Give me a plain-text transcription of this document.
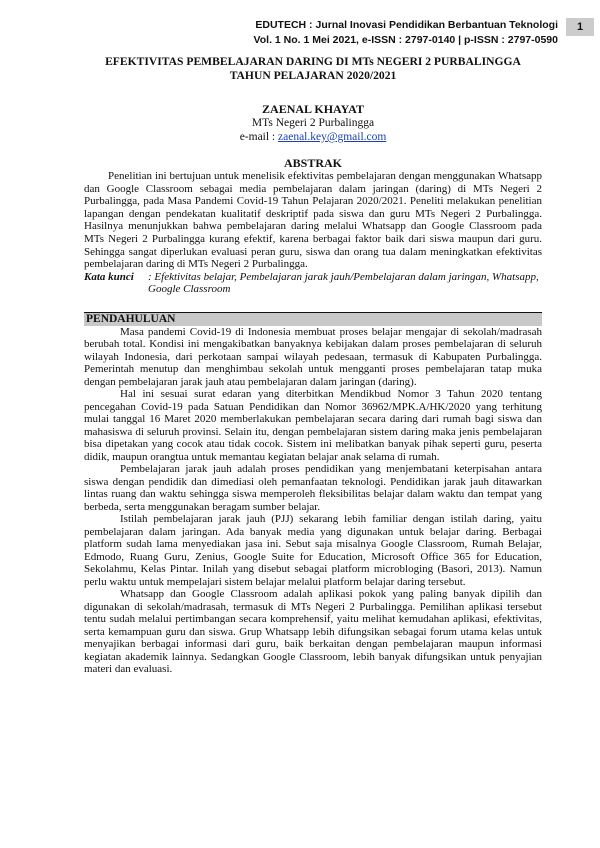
EDUTECH : Jurnal Inovasi Pendidikan Berbantuan Teknologi
Vol. 1 No. 1 Mei 2021, e-ISSN : 2797-0140 | p-ISSN : 2797-0590
1
EFEKTIVITAS PEMBELAJARAN DARING DI MTs NEGERI 2 PURBALINGGA
TAHUN PELAJARAN 2020/2021
ZAENAL KHAYAT
MTs Negeri 2 Purbalingga
e-mail : zaenal.key@gmail.com
ABSTRAK

Penelitian ini bertujuan untuk menelisik efektivitas pembelajaran dengan menggunakan Whatsapp dan Google Classroom sebagai media pembelajaran dalam jaringan (daring) di MTs Negeri 2 Purbalingga, pada Masa Pandemi Covid-19 Tahun Pelajaran 2020/2021. Peneliti melakukan penelitian lapangan dengan pendekatan kualitatif deskriptif pada siswa dan guru MTs Negeri 2 Purbalingga. Hasilnya menunjukkan bahwa pembelajaran daring melalui Whatsapp dan Google Classroom pada MTs Negeri 2 Purbalingga kurang efektif, karena berbagai faktor baik dari siswa maupun dari guru. Sehingga sangat diperlukan evaluasi peran guru, siswa dan orang tua dalam meningkatkan efektivitas pembelajaran daring di MTs Negeri 2 Purbalingga.

Kata kunci	: Efektivitas belajar, Pembelajaran jarak jauh/Pembelajaran dalam jaringan, Whatsapp, Google Classroom
PENDAHULUAN

Masa pandemi Covid-19 di Indonesia membuat proses belajar mengajar di sekolah/madrasah berubah total. Kondisi ini mengakibatkan banyaknya kebijakan dalam proses pembelajaran di seluruh wilayah Indonesia, dari perkotaan sampai wilayah pedesaan, termasuk di Kabupaten Purbalingga. Pemerintah menutup dan menghimbau sekolah untuk mengganti proses pembelajaran tatap muka dengan pembelajaran jarak jauh atau pembelajaran dalam jaringan (daring).

Hal ini sesuai surat edaran yang diterbitkan Mendikbud Nomor 3 Tahun 2020 tentang pencegahan Covid-19 pada Satuan Pendidikan dan Nomor 36962/MPK.A/HK/2020 yang terhitung mulai tanggal 16 Maret 2020 memberlakukan pembelajaran secara daring dari rumah bagi siswa dan mahasiswa di seluruh provinsi. Selain itu, dengan pembelajaran sistem daring maka jenis pembelajaran bisa dipetakan yang cocok atau tidak cocok. Sistem ini melibatkan banyak pihak seperti guru, peserta didik, maupun orangtua untuk memantau kegiatan belajar anak selama di rumah.

Pembelajaran jarak jauh adalah proses pendidikan yang menjembatani keterpisahan antara siswa dengan pendidik dan dimediasi oleh pemanfaatan teknologi. Pendidikan jarak jauh ditawarkan lintas ruang dan waktu sehingga siswa memperoleh fleksibilitas belajar dalam waktu dan tempat yang berbeda, serta menggunakan beragam sumber belajar.

Istilah pembelajaran jarak jauh (PJJ) sekarang lebih familiar dengan istilah daring, yaitu pembelajaran dalam jaringan. Ada banyak media yang digunakan untuk belajar daring. Berbagai platform sudah lama menyediakan jasa ini. Sebut saja misalnya Google Classroom, Rumah Belajar, Edmodo, Ruang Guru, Zenius, Google Suite for Education, Microsoft Office 365 for Education, Sekolahmu, Kelas Pintar. Inilah yang disebut sebagai platform microbloging (Basori, 2013). Namun perlu waktu untuk mempelajari sistem belajar melalui platform belajar daring tersebut.

Whatsapp dan Google Classroom adalah aplikasi pokok yang paling banyak dipilih dan digunakan di sekolah/madrasah, termasuk di MTs Negeri 2 Purbalingga. Pemilihan aplikasi tersebut tentu sudah melalui pertimbangan secara komprehensif, yaitu melihat kemudahan aplikasi, efektivitas, serta kemampuan guru dan siswa. Grup Whatsapp lebih difungsikan sebagai forum utama kelas untuk menyajikan berbagai informasi dari guru, baik berkaitan dengan pembelajaran maupun informasi kegiatan akademik lainnya. Sedangkan Google Classroom, lebih banyak difungsikan untuk penyajian materi dan evaluasi.
